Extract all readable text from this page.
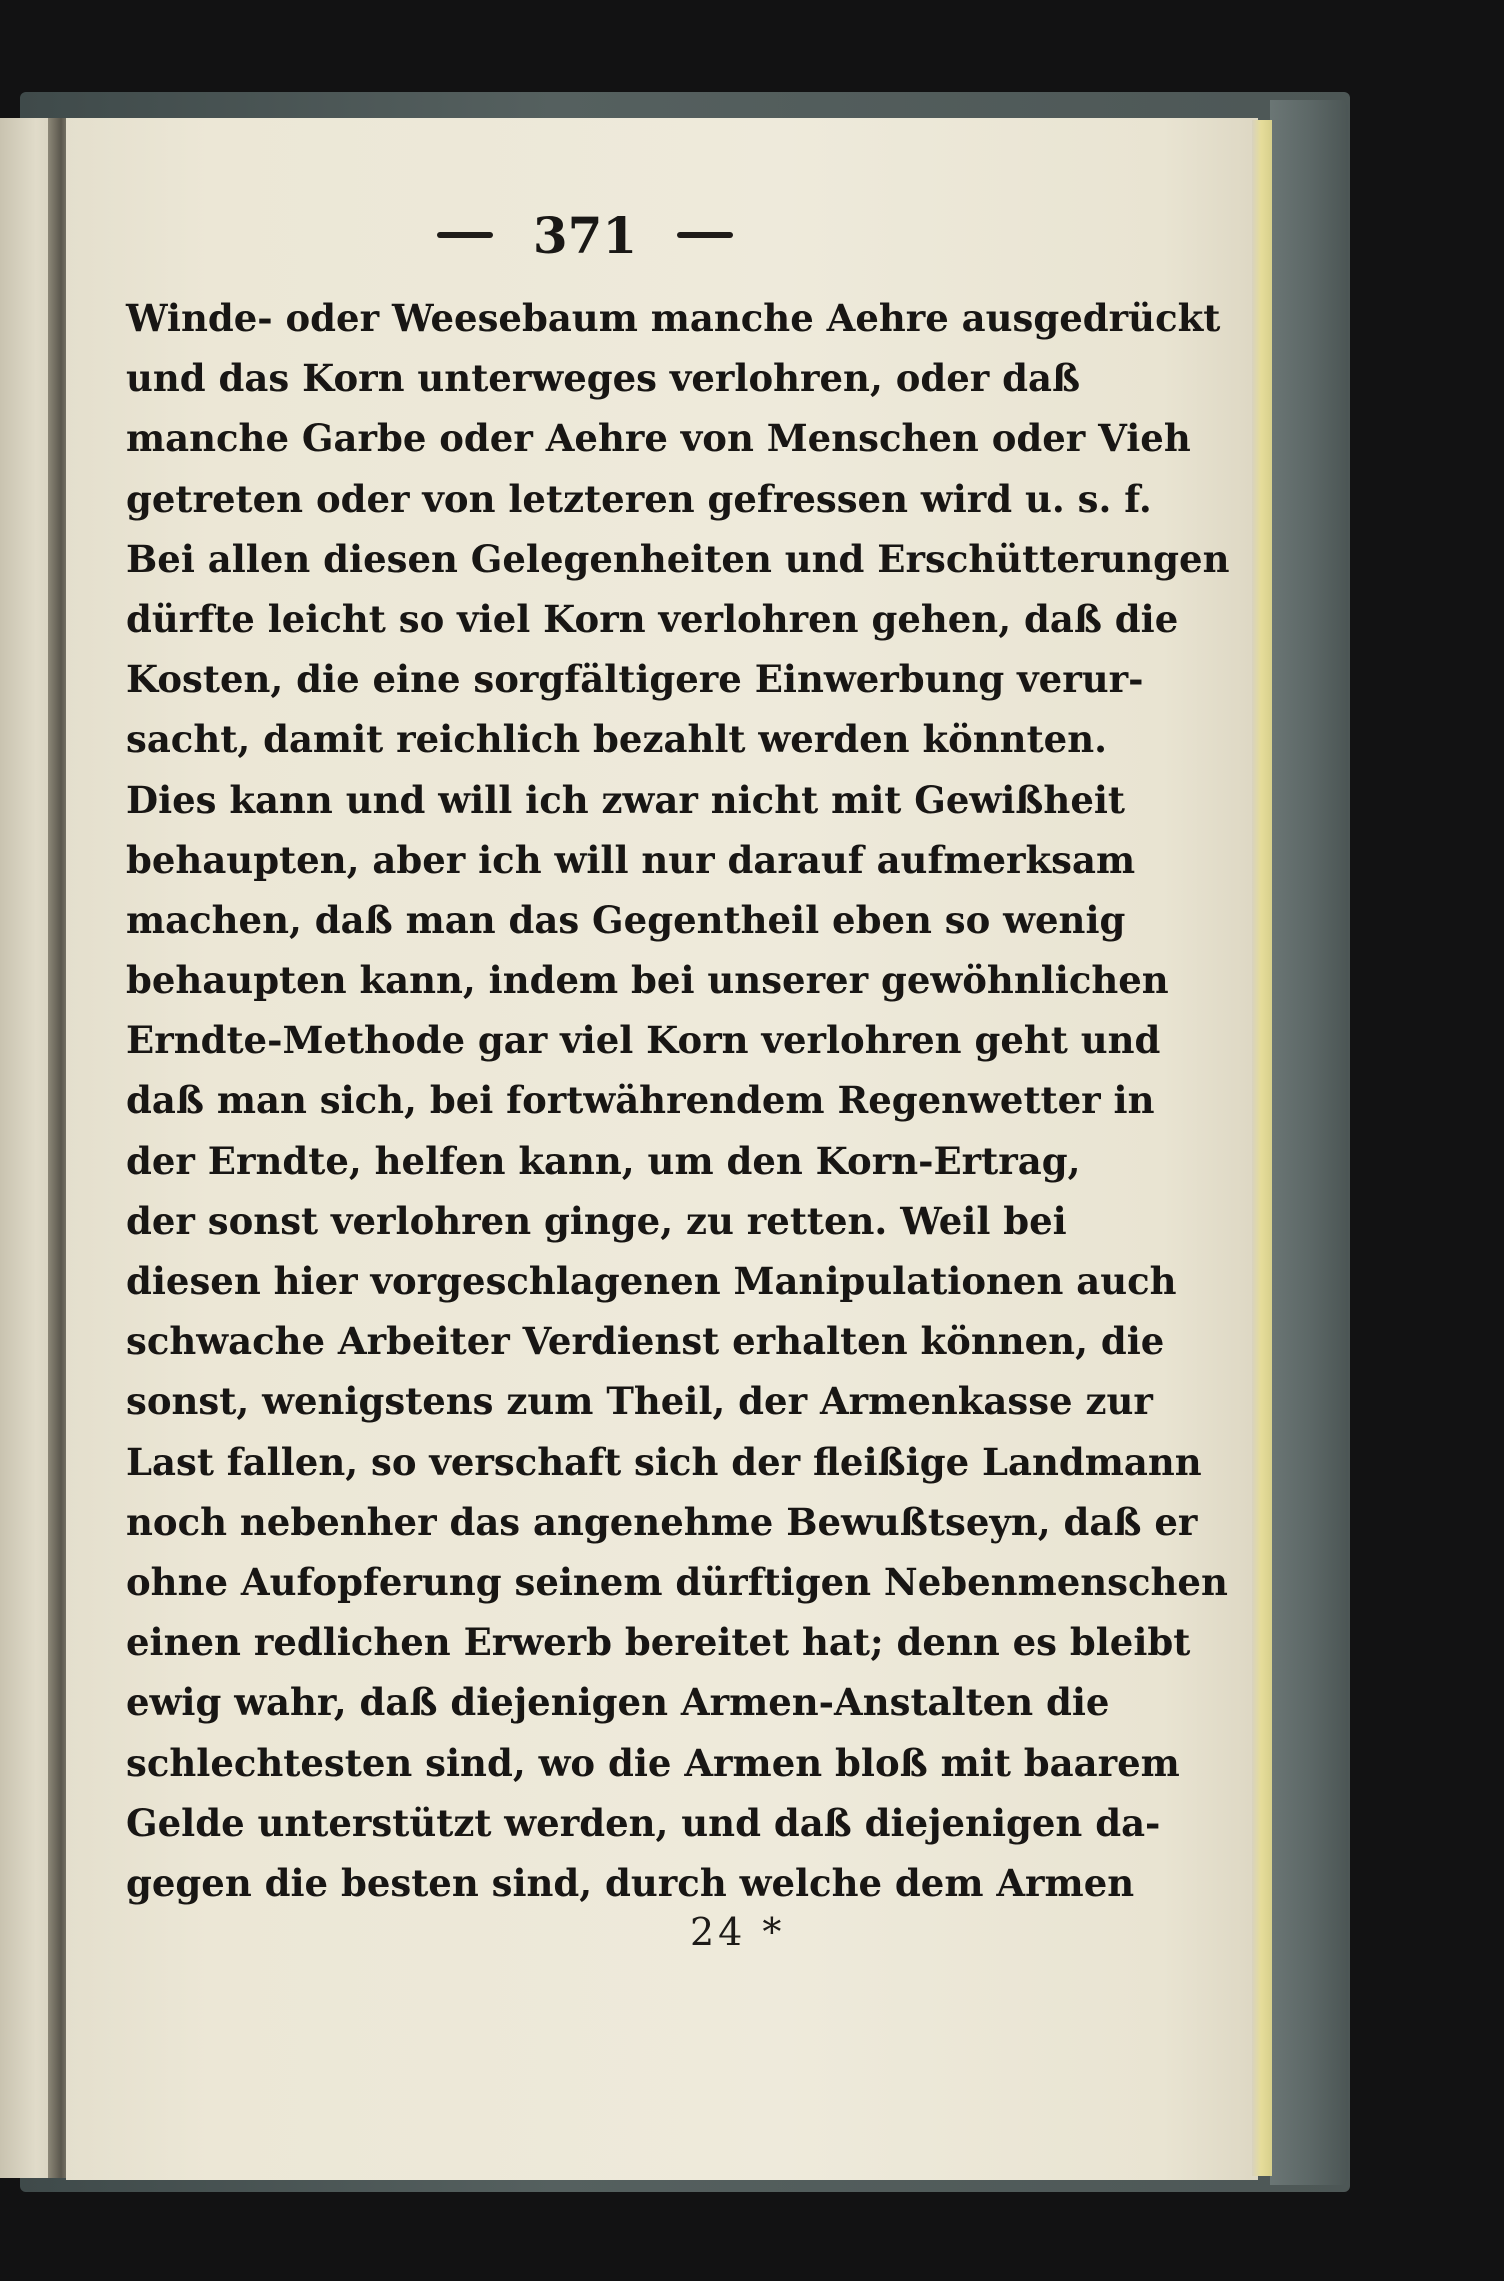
371
Winde- oder Weesebaum manche Aehre ausgedrückt
und das Korn unterweges verlohren, oder daß
manche Garbe oder Aehre von Menschen oder Vieh
getreten oder von letzteren gefressen wird u. s. f.
Bei allen diesen Gelegenheiten und Erschütterungen
dürfte leicht so viel Korn verlohren gehen, daß die
Kosten, die eine sorgfältigere Einwerbung verur-
sacht, damit reichlich bezahlt werden könnten.
Dies kann und will ich zwar nicht mit Gewißheit
behaupten, aber ich will nur darauf aufmerksam
machen, daß man das Gegentheil eben so wenig
behaupten kann, indem bei unserer gewöhnlichen
Erndte-Methode gar viel Korn verlohren geht und
daß man sich, bei fortwährendem Regenwetter in
der Erndte, helfen kann, um den Korn-Ertrag,
der sonst verlohren ginge, zu retten. Weil bei
diesen hier vorgeschlagenen Manipulationen auch
schwache Arbeiter Verdienst erhalten können, die
sonst, wenigstens zum Theil, der Armenkasse zur
Last fallen, so verschaft sich der fleißige Landmann
noch nebenher das angenehme Bewußtseyn, daß er
ohne Aufopferung seinem dürftigen Nebenmenschen
einen redlichen Erwerb bereitet hat; denn es bleibt
ewig wahr, daß diejenigen Armen-Anstalten die
schlechtesten sind, wo die Armen bloß mit baarem
Gelde unterstützt werden, und daß diejenigen da-
gegen die besten sind, durch welche dem Armen
24 *
